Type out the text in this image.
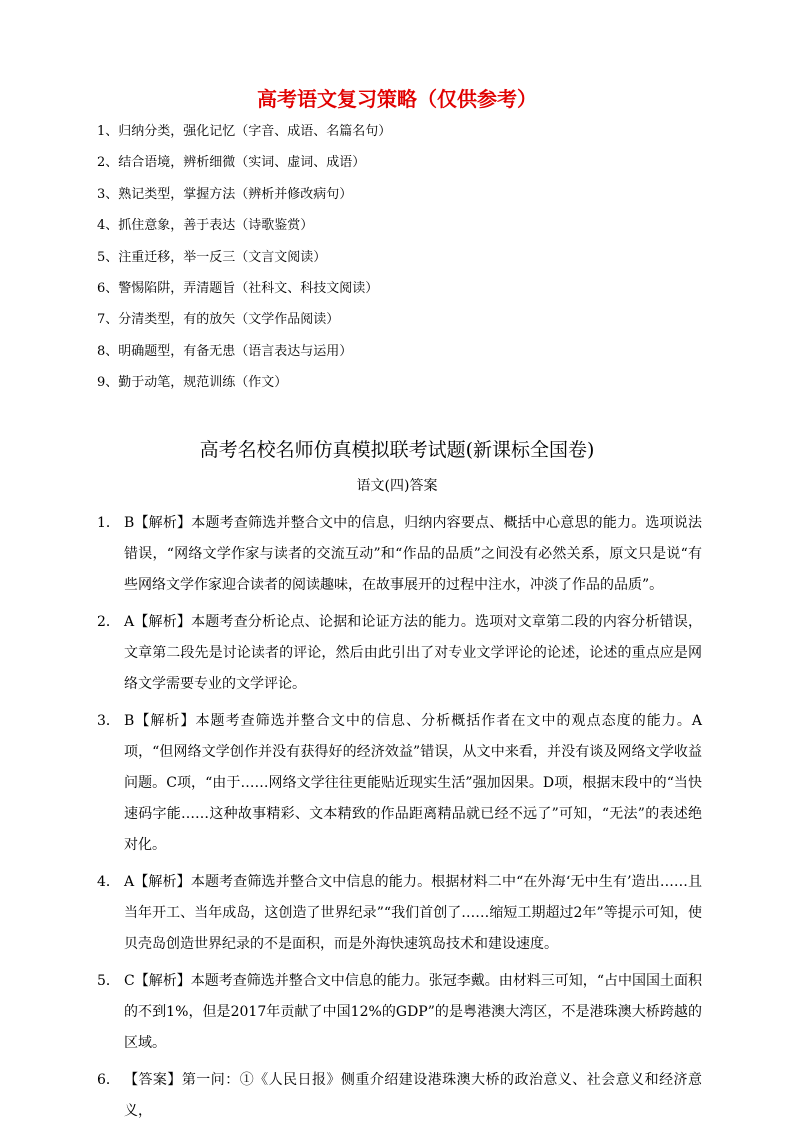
高考语文复习策略（仅供参考）
1、归纳分类，强化记忆（字音、成语、名篇名句）
2、结合语境，辨析细微（实词、虚词、成语）
3、熟记类型，掌握方法（辨析并修改病句）
4、抓住意象，善于表达（诗歌鉴赏）
5、注重迁移，举一反三（文言文阅读）
6、警惕陷阱，弄清题旨（社科文、科技文阅读）
7、分清类型，有的放矢（文学作品阅读）
8、明确题型，有备无患（语言表达与运用）
9、勤于动笔，规范训练（作文）
高考名校名师仿真模拟联考试题(新课标全国卷)
语文(四)答案
1． B【解析】本题考查筛选并整合文中的信息，归纳内容要点、概括中心意思的能力。选项说法错误，“网络文学作家与读者的交流互动”和“作品的品质”之间没有必然关系，原文只是说“有些网络文学作家迎合读者的阅读趣味，在故事展开的过程中注水，冲淡了作品的品质”。
2． A【解析】本题考查分析论点、论据和论证方法的能力。选项对文章第二段的内容分析错误，文章第二段先是讨论读者的评论，然后由此引出了对专业文学评论的论述，论述的重点应是网络文学需要专业的文学评论。
3． B【解析】本题考查筛选并整合文中的信息、分析概括作者在文中的观点态度的能力。A项，“但网络文学创作并没有获得好的经济效益”错误，从文中来看，并没有谈及网络文学收益问题。C项，“由于……网络文学往往更能贴近现实生活”强加因果。D项，根据末段中的“当快速码字能……这种故事精彩、文本精致的作品距离精品就已经不远了”可知，“无法”的表述绝对化。
4． A【解析】本题考查筛选并整合文中信息的能力。根据材料二中“在外海‘无中生有’造出……且当年开工、当年成岛，这创造了世界纪录”“我们首创了……缩短工期超过2年”等提示可知，使贝壳岛创造世界纪录的不是面积，而是外海快速筑岛技术和建设速度。
5． C【解析】本题考查筛选并整合文中信息的能力。张冠李戴。由材料三可知，“占中国国土面积的不到1%，但是2017年贡献了中国12%的GDP”的是粤港澳大湾区，不是港珠澳大桥跨越的区域。
6． 【答案】第一问：①《人民日报》侧重介绍建设港珠澳大桥的政治意义、社会意义和经济意义，
